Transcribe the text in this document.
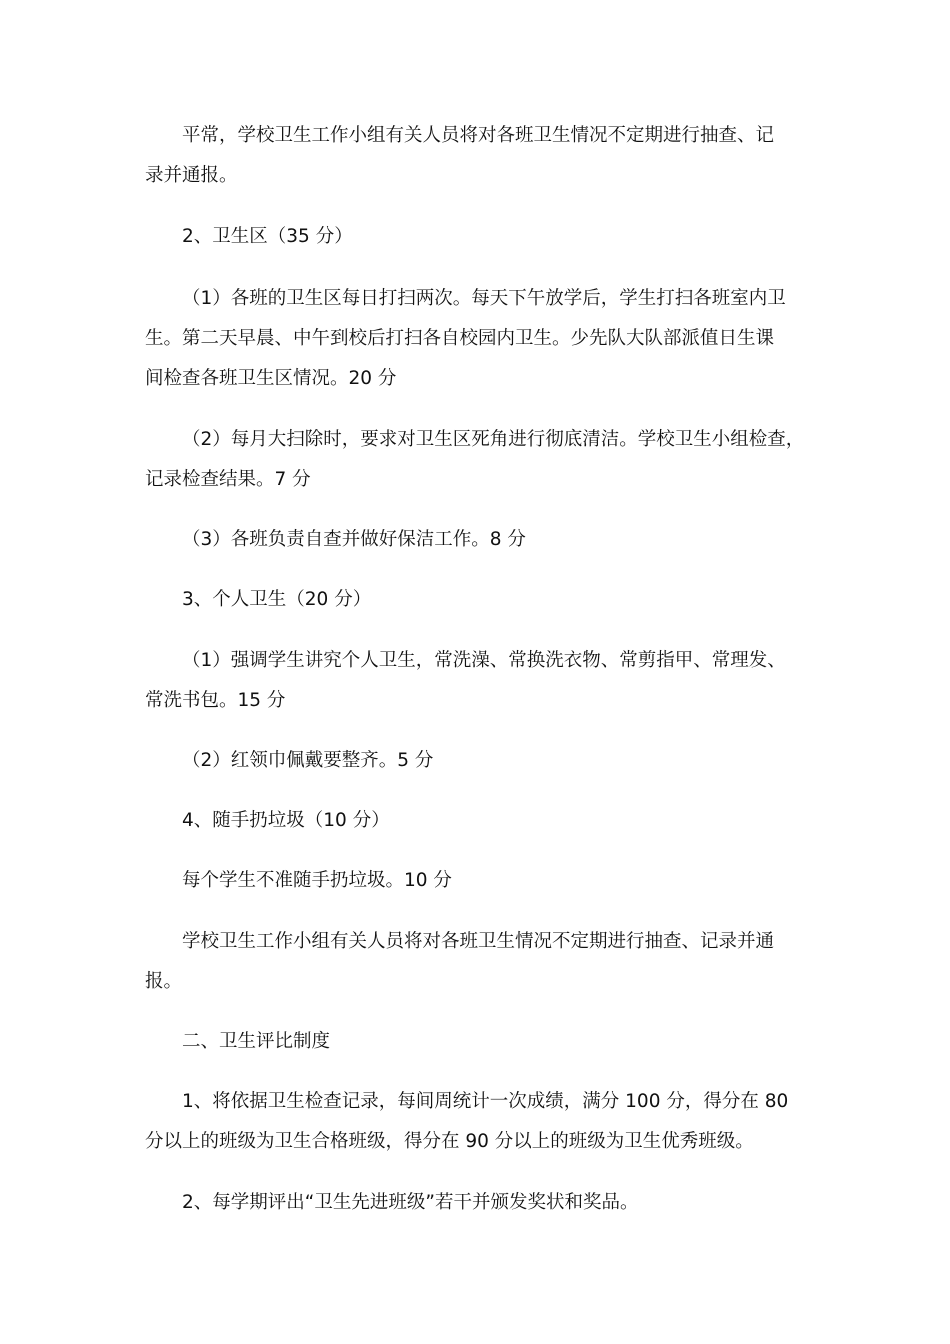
平常，学校卫生工作小组有关人员将对各班卫生情况不定期进行抽查、记
录并通报。

2、卫生区（35 分）

（1）各班的卫生区每日打扫两次。每天下午放学后，学生打扫各班室内卫
生。第二天早晨、中午到校后打扫各自校园内卫生。少先队大队部派值日生课
间检查各班卫生区情况。20 分

（2）每月大扫除时，要求对卫生区死角进行彻底清洁。学校卫生小组检查，
记录检查结果。7 分

（3）各班负责自查并做好保洁工作。8 分

3、个人卫生（20 分）

（1）强调学生讲究个人卫生，常洗澡、常换洗衣物、常剪指甲、常理发、
常洗书包。15 分

（2）红领巾佩戴要整齐。5 分

4、随手扔垃圾（10 分）

每个学生不准随手扔垃圾。10 分

学校卫生工作小组有关人员将对各班卫生情况不定期进行抽查、记录并通
报。

二、卫生评比制度

1、将依据卫生检查记录，每间周统计一次成绩，满分 100 分，得分在 80
分以上的班级为卫生合格班级，得分在 90 分以上的班级为卫生优秀班级。

2、每学期评出“卫生先进班级”若干并颁发奖状和奖品。
